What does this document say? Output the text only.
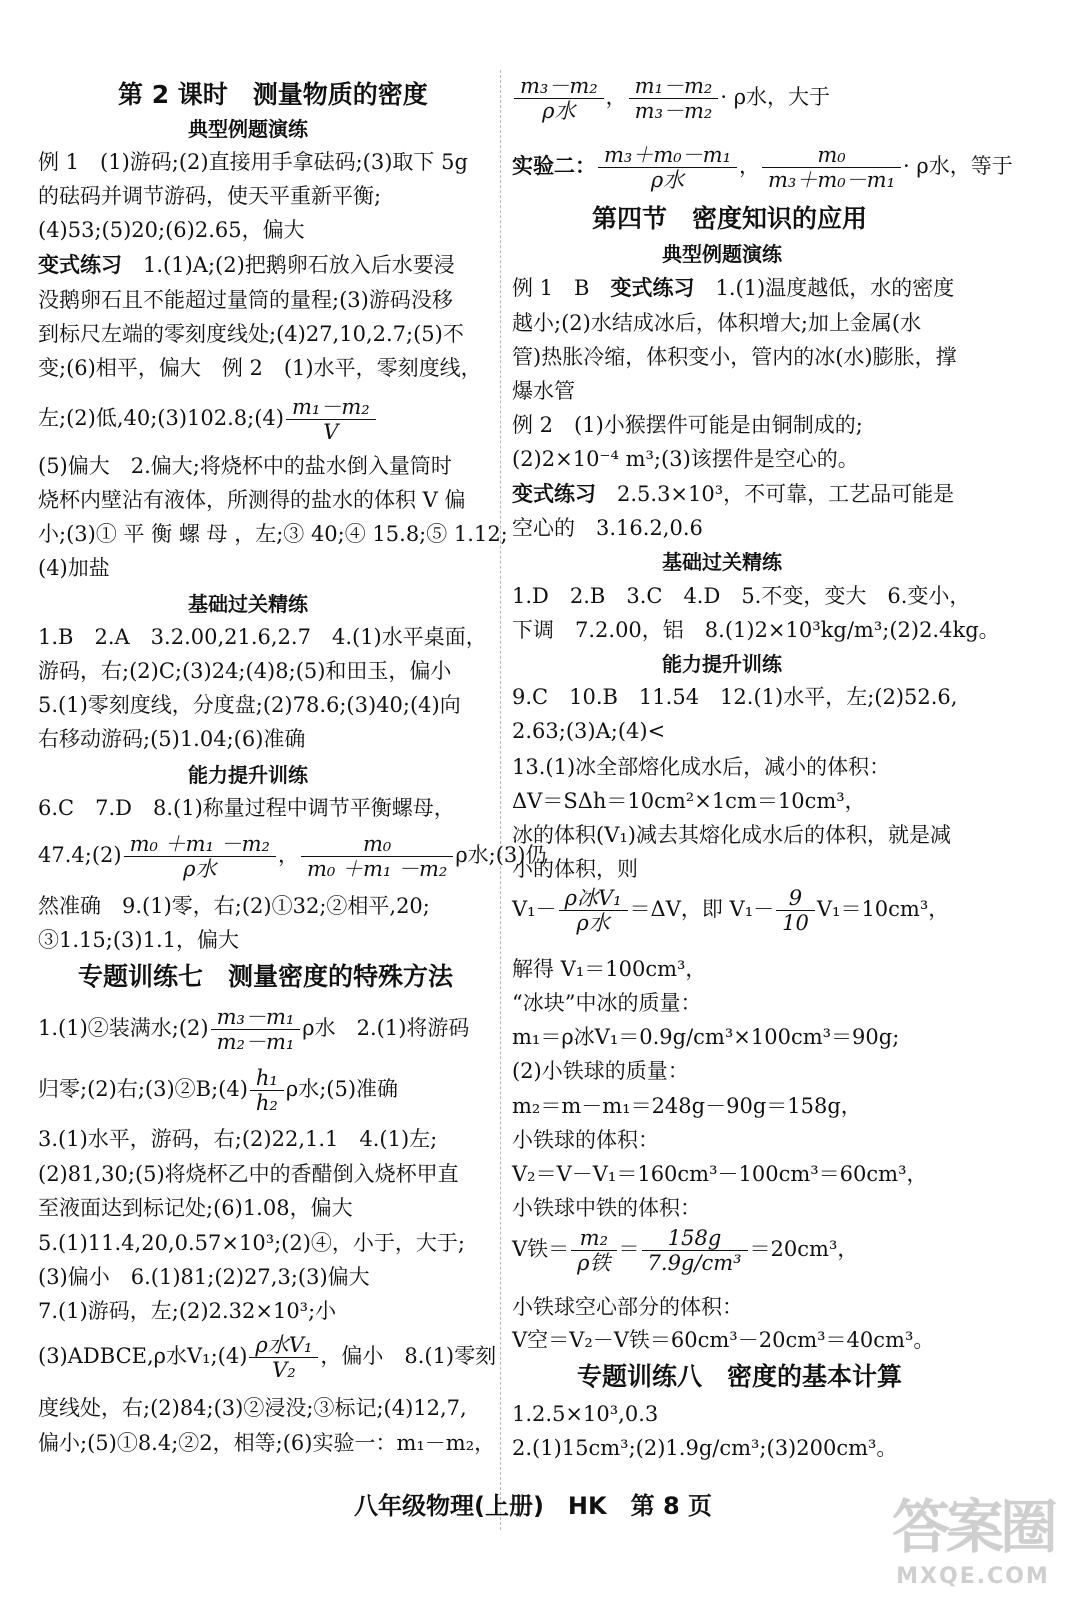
第 2 课时　测量物质的密度
典型例题演练
例 1　(1)游码;(2)直接用手拿砝码;(3)取下 5g
的砝码并调节游码，使天平重新平衡;
(4)53;(5)20;(6)2.65，偏大
变式练习　1.(1)A;(2)把鹅卵石放入后水要浸
没鹅卵石且不能超过量筒的量程;(3)游码没移
到标尺左端的零刻度线处;(4)27,10,2.7;(5)不
变;(6)相平，偏大　例 2　(1)水平，零刻度线，
左;(2)低,40;(3)102.8;(4) $\frac{\text{m₁－m₂}}{V}$
(5)偏大　2.偏大;将烧杯中的盐水倒入量筒时
烧杯内壁沾有液体，所测得的盐水的体积 V 偏
小;(3)① 平 衡 螺 母 ，左;③ 40;④ 15.8;⑤ 1.12;
(4)加盐
基础过关精练
1.B　2.A　3.2.00,21.6,2.7　4.(1)水平桌面，
游码，右;(2)C;(3)24;(4)8;(5)和田玉，偏小
5.(1)零刻度线，分度盘;(2)78.6;(3)40;(4)向
右移动游码;(5)1.04;(6)准确
能力提升训练
6.C　7.D　8.(1)称量过程中调节平衡螺母，
47.4;(2) $\frac{\text{m₀ ＋m₁ －m₂}}{\text{ρ水}}$ ， $\frac{\text{m₀}}{\text{m₀ ＋m₁ －m₂}}$ ρ水;(3)仍
然准确　9.(1)零，右;(2)①32;②相平,20;
③1.15;(3)1.1，偏大
专题训练七　测量密度的特殊方法
1.(1)②装满水;(2) $\frac{\text{m₃－m₁}}{\text{m₂－m₁}}$ ρ水　2.(1)将游码
归零;(2)右;(3)②B;(4) $\frac{\text{h₁}}{\text{h₂}}$ ρ水;(5)准确
3.(1)水平，游码，右;(2)22,1.1　4.(1)左;
(2)81,30;(5)将烧杯乙中的香醋倒入烧杯甲直
至液面达到标记处;(6)1.08，偏大
5.(1)11.4,20,0.57×10³;(2)④，小于，大于;
(3)偏小　6.(1)81;(2)27,3;(3)偏大
7.(1)游码，左;(2)2.32×10³;小
(3)ADBCE,ρ水V₁;(4) $\frac{\text{ρ水V₁}}{\text{V₂}}$ ，偏小　8.(1)零刻
度线处，右;(2)84;(3)②浸没;③标记;(4)12,7,
偏小;(5)①8.4;②2，相等;(6)实验一：m₁－m₂，
$\frac{\text{m₃－m₂}}{\text{ρ水}}$ ， $\frac{\text{m₁－m₂}}{\text{m₃－m₂}} \cdot \rho$水，大于
实验二： $\frac{\text{m₃＋m₀－m₁}}{\text{ρ水}}$ ， $\frac{\text{m₀}}{\text{m₃＋m₀－m₁}} \cdot \rho$水，等于
第四节　密度知识的应用
典型例题演练
例 1　B　变式练习　1.(1)温度越低，水的密度
越小;(2)水结成冰后，体积增大;加上金属(水
管)热胀冷缩，体积变小，管内的冰(水)膨胀，撑
爆水管
例 2　(1)小猴摆件可能是由铜制成的;
(2)2×10⁻⁴ m³;(3)该摆件是空心的。
变式练习　2.5.3×10³，不可靠，工艺品可能是
空心的　3.16.2,0.6
基础过关精练
1.D　2.B　3.C　4.D　5.不变，变大　6.变小，
下调　7.2.00，铝　8.(1)2×10³kg/m³;(2)2.4kg。
能力提升训练
9.C　10.B　11.54　12.(1)水平，左;(2)52.6,
2.63;(3)A;(4)<
13.(1)冰全部熔化成水后，减小的体积：
ΔV＝SΔh＝10cm²×1cm＝10cm³，
冰的体积(V₁)减去其熔化成水后的体积，就是减
小的体积，则
$V_1- \frac{\text{ρ冰V₁}}{\text{ρ水}} =\Delta V$，即 $V_1- \frac{9}{10} V_1=10cm^3$，
解得 V₁＝100cm³，
“冰块”中冰的质量：
m₁＝ρ冰V₁＝0.9g/cm³×100cm³＝90g;
(2)小铁球的质量：
m₂＝m－m₁＝248g－90g＝158g，
小铁球的体积：
V₂＝V－V₁＝160cm³－100cm³＝60cm³，
小铁球中铁的体积：
V铁＝ $\frac{\text{m₂}}{\text{ρ铁}} = \frac{158g}{\text{7.9g/cm³}} =20cm^3$，
小铁球空心部分的体积：
V空＝V₂－V铁＝60cm³－20cm³＝40cm³。
专题训练八　密度的基本计算
1.2.5×10³,0.3
2.(1)15cm³;(2)1.9g/cm³;(3)200cm³。
八年级物理(上册)　HK　第 8 页	答案圈
MXQE.COM
